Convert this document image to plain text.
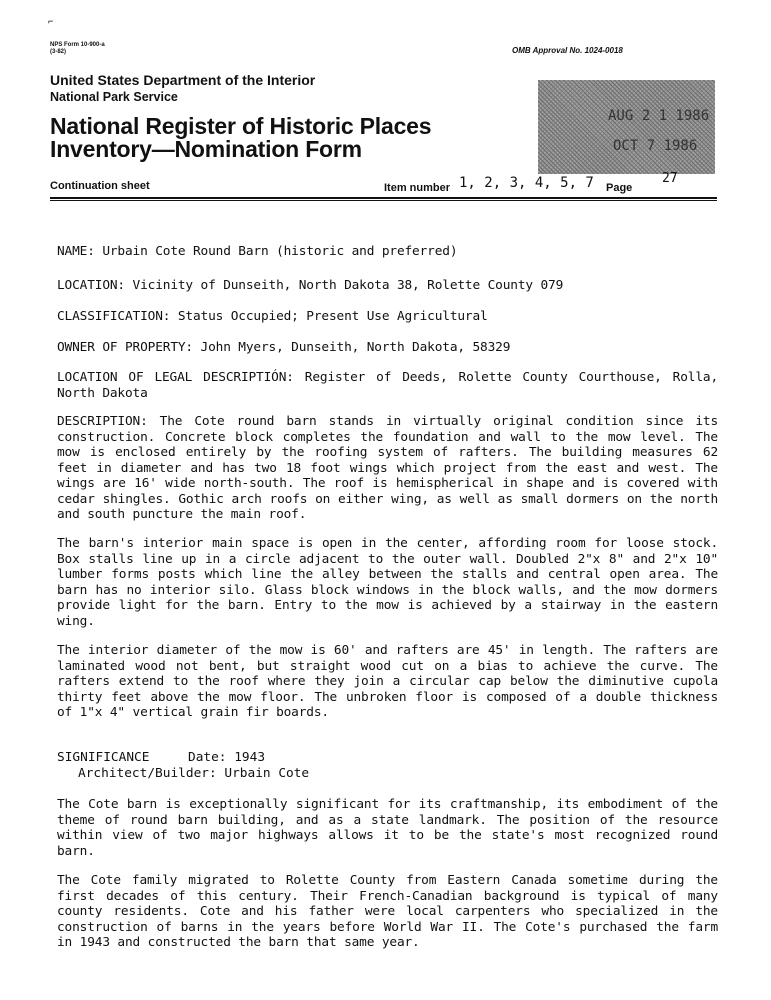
⌐
NPS Form 10-900-a
(3-82)	OMB Approval No. 1024-0018
United States Department of the Interior
National Park Service
National Register of Historic Places
Inventory—Nomination Form
AUG 2 1 1986
OCT 7 1986
Continuation sheet	Item number 1, 2, 3, 4, 5, 7 Page
27
NAME: Urbain Cote Round Barn (historic and preferred)
LOCATION: Vicinity of Dunseith, North Dakota 38, Rolette County 079
CLASSIFICATION: Status Occupied; Present Use Agricultural
OWNER OF PROPERTY: John Myers, Dunseith, North Dakota, 58329
LOCATION OF LEGAL DESCRIPTIÓN: Register of Deeds, Rolette County Courthouse, Rolla, North Dakota
DESCRIPTION: The Cote round barn stands in virtually original condition since its construction. Concrete block completes the foundation and wall to the mow level. The mow is enclosed entirely by the roofing system of rafters. The building measures 62 feet in diameter and has two 18 foot wings which project from the east and west. The wings are 16' wide north-south. The roof is hemispherical in shape and is covered with cedar shingles. Gothic arch roofs on either wing, as well as small dormers on the north and south puncture the main roof.
The barn's interior main space is open in the center, affording room for loose stock. Box stalls line up in a circle adjacent to the outer wall. Doubled 2"x 8" and 2"x 10" lumber forms posts which line the alley between the stalls and central open area. The barn has no interior silo. Glass block windows in the block walls, and the mow dormers provide light for the barn. Entry to the mow is achieved by a stairway in the eastern wing.
The interior diameter of the mow is 60' and rafters are 45' in length. The rafters are laminated wood not bent, but straight wood cut on a bias to achieve the curve. The rafters extend to the roof where they join a circular cap below the diminutive cupola thirty feet above the mow floor. The unbroken floor is composed of a double thickness of 1"x 4" vertical grain fir boards.
SIGNIFICANCE	Date: 1943
Architect/Builder: Urbain Cote
The Cote barn is exceptionally significant for its craftmanship, its embodiment of the theme of round barn building, and as a state landmark. The position of the resource within view of two major highways allows it to be the state's most recognized round barn.
The Cote family migrated to Rolette County from Eastern Canada sometime during the first decades of this century. Their French-Canadian background is typical of many county residents. Cote and his father were local carpenters who specialized in the construction of barns in the years before World War II. The Cote's purchased the farm in 1943 and constructed the barn that same year.
